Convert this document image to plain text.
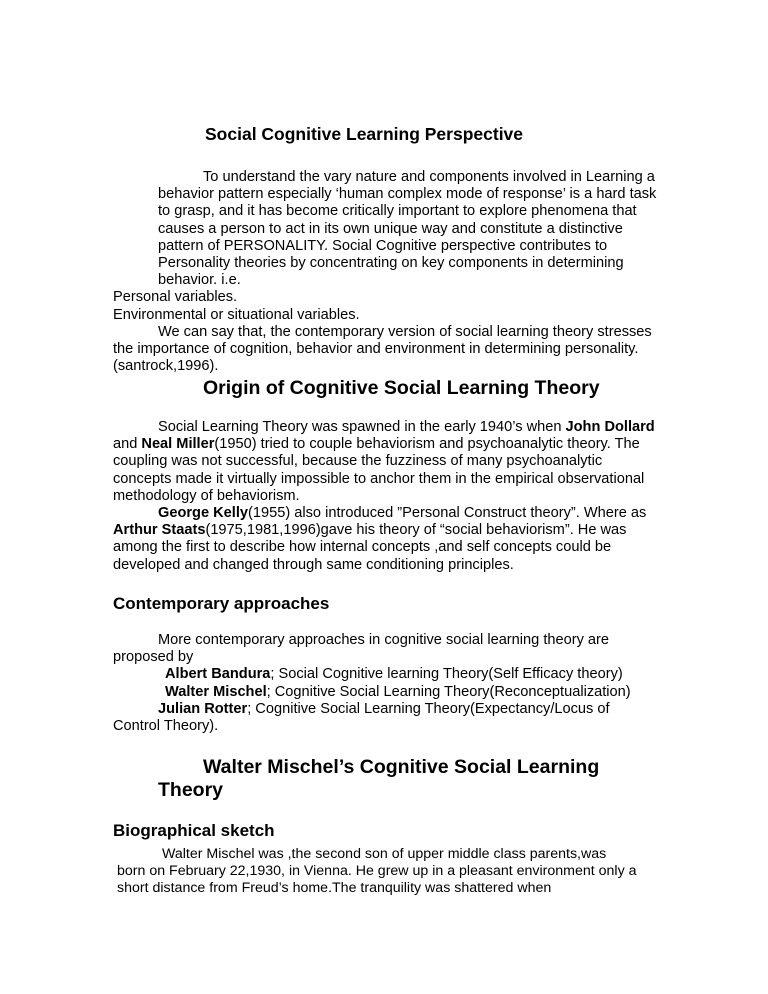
Social Cognitive Learning Perspective

To understand the vary nature and components involved in Learning a behavior pattern especially ‘human complex mode of response’ is a hard task to grasp, and it has become critically important to explore phenomena that causes a person to act in its own unique way and constitute a distinctive pattern of PERSONALITY. Social Cognitive perspective contributes to Personality theories by concentrating on key components in determining behavior. i.e.

Personal variables.

Environmental or situational variables.

We can say that, the contemporary version of social learning theory stresses the importance of cognition, behavior and environment in determining personality.(santrock,1996).

Origin of Cognitive Social Learning Theory

Social Learning Theory was spawned in the early 1940’s when John Dollard and Neal Miller(1950) tried to couple behaviorism and psychoanalytic theory. The coupling was not successful, because the fuzziness of many psychoanalytic concepts made it virtually impossible to anchor them in the empirical observational methodology of behaviorism.

George Kelly(1955) also introduced ”Personal Construct theory”. Where as Arthur Staats(1975,1981,1996)gave his theory of “social behaviorism”. He was among the first to describe how internal concepts ,and self concepts could be developed and changed through same conditioning principles.

Contemporary approaches

More contemporary approaches in cognitive social learning theory are proposed by

Albert Bandura; Social Cognitive learning Theory(Self Efficacy theory)

Walter Mischel; Cognitive Social Learning Theory(Reconceptualization)

Julian Rotter; Cognitive Social Learning Theory(Expectancy/Locus of Control Theory).

Walter Mischel’s Cognitive Social Learning
Theory
Biographical sketch

Walter Mischel was ,the second son of upper middle class parents,was born on February 22,1930, in Vienna. He grew up in a pleasant environment only a short distance from Freud’s home.The tranquility was shattered when
